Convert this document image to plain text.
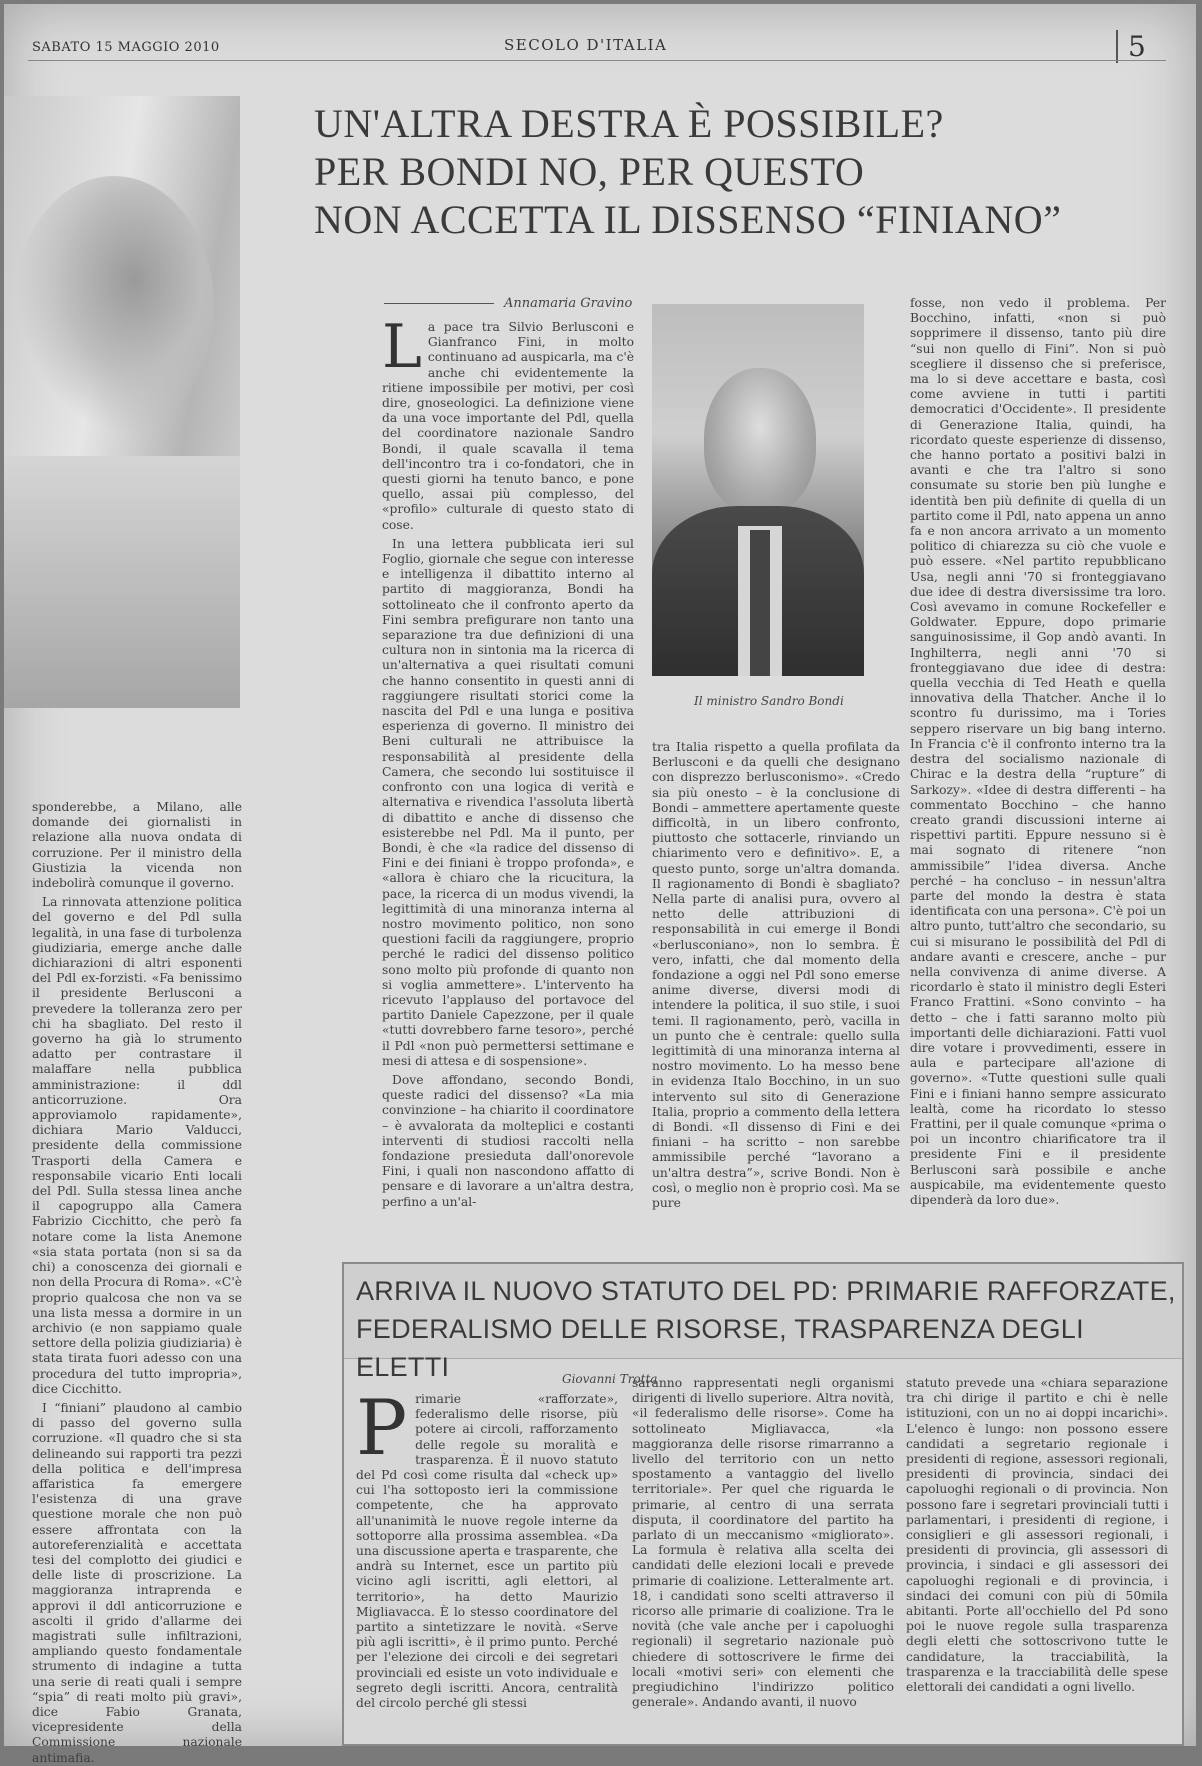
SABATO 15 MAGGIO 2010	SECOLO D'ITALIA	5
UN'ALTRA DESTRA È POSSIBILE?
PER BONDI NO, PER QUESTO
NON ACCETTA IL DISSENSO “FINIANO”
Annamaria Gravino

La pace tra Silvio Berlusconi e Gianfranco Fini, in molto continuano ad auspicarla, ma c'è anche chi evidentemente la ritiene impossibile per motivi, per così dire, gnoseologici. La definizione viene da una voce importante del Pdl, quella del coordinatore nazionale Sandro Bondi, il quale scavalla il tema dell'incontro tra i co-fondatori, che in questi giorni ha tenuto banco, e pone quello, assai più complesso, del «profilo» culturale di questo stato di cose.

In una lettera pubblicata ieri sul Foglio, giornale che segue con interesse e intelligenza il dibattito interno al partito di maggioranza, Bondi ha sottolineato che il confronto aperto da Fini sembra prefigurare non tanto una separazione tra due definizioni di una cultura non in sintonia ma la ricerca di un'alternativa a quei risultati comuni che hanno consentito in questi anni di raggiungere risultati storici come la nascita del Pdl e una lunga e positiva esperienza di governo. Il ministro dei Beni culturali ne attribuisce la responsabilità al presidente della Camera, che secondo lui sostituisce il confronto con una logica di verità e alternativa e rivendica l'assoluta libertà di dibattito e anche di dissenso che esisterebbe nel Pdl. Ma il punto, per Bondi, è che «la radice del dissenso di Fini e dei finiani è troppo profonda», e «allora è chiaro che la ricucitura, la pace, la ricerca di un modus vivendi, la legittimità di una minoranza interna al nostro movimento politico, non sono questioni facili da raggiungere, proprio perché le radici del dissenso politico sono molto più profonde di quanto non si voglia ammettere». L'intervento ha ricevuto l'applauso del portavoce del partito Daniele Capezzone, per il quale «tutti dovrebbero farne tesoro», perché il Pdl «non può permettersi settimane e mesi di attesa e di sospensione».

Dove affondano, secondo Bondi, queste radici del dissenso? «La mia convinzione – ha chiarito il coordinatore – è avvalorata da molteplici e costanti interventi di studiosi raccolti nella fondazione presieduta dall'onorevole Fini, i quali non nascondono affatto di pensare e di lavorare a un'altra destra, perfino a un'al-

Il ministro Sandro Bondi

tra Italia rispetto a quella profilata da Berlusconi e da quelli che designano con disprezzo berlusconismo». «Credo sia più onesto – è la conclusione di Bondi – ammettere apertamente queste difficoltà, in un libero confronto, piuttosto che sottacerle, rinviando un chiarimento vero e definitivo». E, a questo punto, sorge un'altra domanda. Il ragionamento di Bondi è sbagliato? Nella parte di analisi pura, ovvero al netto delle attribuzioni di responsabilità in cui emerge il Bondi «berlusconiano», non lo sembra. È vero, infatti, che dal momento della fondazione a oggi nel Pdl sono emerse anime diverse, diversi modi di intendere la politica, il suo stile, i suoi temi. Il ragionamento, però, vacilla in un punto che è centrale: quello sulla legittimità di una minoranza interna al nostro movimento. Lo ha messo bene in evidenza Italo Bocchino, in un suo intervento sul sito di Generazione Italia, proprio a commento della lettera di Bondi. «Il dissenso di Fini e dei finiani – ha scritto – non sarebbe ammissibile perché “lavorano a un'altra destra”», scrive Bondi. Non è così, o meglio non è proprio così. Ma se pure

fosse, non vedo il problema. Per Bocchino, infatti, «non si può sopprimere il dissenso, tanto più dire “sui non quello di Fini”. Non si può scegliere il dissenso che si preferisce, ma lo si deve accettare e basta, così come avviene in tutti i partiti democratici d'Occidente». Il presidente di Generazione Italia, quindi, ha ricordato queste esperienze di dissenso, che hanno portato a positivi balzi in avanti e che tra l'altro si sono consumate su storie ben più lunghe e identità ben più definite di quella di un partito come il Pdl, nato appena un anno fa e non ancora arrivato a un momento politico di chiarezza su ciò che vuole e può essere. «Nel partito repubblicano Usa, negli anni '70 si fronteggiavano due idee di destra diversissime tra loro. Così avevamo in comune Rockefeller e Goldwater. Eppure, dopo primarie sanguinosissime, il Gop andò avanti. In Inghilterra, negli anni '70 si fronteggiavano due idee di destra: quella vecchia di Ted Heath e quella innovativa della Thatcher. Anche il lo scontro fu durissimo, ma i Tories seppero riservare un big bang interno. In Francia c'è il confronto interno tra la destra del socialismo nazionale di Chirac e la destra della “rupture” di Sarkozy». «Idee di destra differenti – ha commentato Bocchino – che hanno creato grandi discussioni interne ai rispettivi partiti. Eppure nessuno si è mai sognato di ritenere “non ammissibile” l'idea diversa. Anche perché – ha concluso – in nessun'altra parte del mondo la destra è stata identificata con una persona». C'è poi un altro punto, tutt'altro che secondario, su cui si misurano le possibilità del Pdl di andare avanti e crescere, anche – pur nella convivenza di anime diverse. A ricordarlo è stato il ministro degli Esteri Franco Frattini. «Sono convinto – ha detto – che i fatti saranno molto più importanti delle dichiarazioni. Fatti vuol dire votare i provvedimenti, essere in aula e partecipare all'azione di governo». «Tutte questioni sulle quali Fini e i finiani hanno sempre assicurato lealtà, come ha ricordato lo stesso Frattini, per il quale comunque «prima o poi un incontro chiarificatore tra il presidente Fini e il presidente Berlusconi sarà possibile e anche auspicabile, ma evidentemente questo dipenderà da loro due».

sponderebbe, a Milano, alle domande dei giornalisti in relazione alla nuova ondata di corruzione. Per il ministro della Giustizia la vicenda non indebolirà comunque il governo.

La rinnovata attenzione politica del governo e del Pdl sulla legalità, in una fase di turbolenza giudiziaria, emerge anche dalle dichiarazioni di altri esponenti del Pdl ex-forzisti. «Fa benissimo il presidente Berlusconi a prevedere la tolleranza zero per chi ha sbagliato. Del resto il governo ha già lo strumento adatto per contrastare il malaffare nella pubblica amministrazione: il ddl anticorruzione. Ora approviamolo rapidamente», dichiara Mario Valducci, presidente della commissione Trasporti della Camera e responsabile vicario Enti locali del Pdl. Sulla stessa linea anche il capogruppo alla Camera Fabrizio Cicchitto, che però fa notare come la lista Anemone «sia stata portata (non si sa da chi) a conoscenza dei giornali e non della Procura di Roma». «C'è proprio qualcosa che non va se una lista messa a dormire in un archivio (e non sappiamo quale settore della polizia giudiziaria) è stata tirata fuori adesso con una procedura del tutto impropria», dice Cicchitto.

I “finiani” plaudono al cambio di passo del governo sulla corruzione. «Il quadro che si sta delineando sui rapporti tra pezzi della politica e dell'impresa affaristica fa emergere l'esistenza di una grave questione morale che non può essere affrontata con la autoreferenzialità e accettata tesi del complotto dei giudici e delle liste di proscrizione. La maggioranza intraprenda e approvi il ddl anticorruzione e ascolti il grido d'allarme dei magistrati sulle infiltrazioni, ampliando questo fondamentale strumento di indagine a tutta una serie di reati quali i sempre “spia” di reati molto più gravi», dice Fabio Granata, vicepresidente della Commissione nazionale antimafia.

ARRIVA IL NUOVO STATUTO DEL PD: PRIMARIE RAFFORZATE,
FEDERALISMO DELLE RISORSE, TRASPARENZA DEGLI ELETTI	Giovanni Trotta

Primarie «rafforzate», federalismo delle risorse, più potere ai circoli, rafforzamento delle regole su moralità e trasparenza. È il nuovo statuto del Pd così come risulta dal «check up» cui l'ha sottoposto ieri la commissione competente, che ha approvato all'unanimità le nuove regole interne da sottoporre alla prossima assemblea. «Da una discussione aperta e trasparente, che andrà su Internet, esce un partito più vicino agli iscritti, agli elettori, al territorio», ha detto Maurizio Migliavacca. È lo stesso coordinatore del partito a sintetizzare le novità. «Serve più agli iscritti», è il primo punto. Perché per l'elezione dei circoli e dei segretari provinciali ed esiste un voto individuale e segreto degli iscritti. Ancora, centralità del circolo perché gli stessi

saranno rappresentati negli organismi dirigenti di livello superiore. Altra novità, «il federalismo delle risorse». Come ha sottolineato Migliavacca, «la maggioranza delle risorse rimarranno a livello del territorio con un netto spostamento a vantaggio del livello territoriale». Per quel che riguarda le primarie, al centro di una serrata disputa, il coordinatore del partito ha parlato di un meccanismo «migliorato». La formula è relativa alla scelta dei candidati delle elezioni locali e prevede primarie di coalizione. Letteralmente art. 18, i candidati sono scelti attraverso il ricorso alle primarie di coalizione. Tra le novità (che vale anche per i capoluoghi regionali) il segretario nazionale può chiedere di sottoscrivere le firme dei locali «motivi seri» con elementi che pregiudichino l'indirizzo politico generale». Andando avanti, il nuovo

statuto prevede una «chiara separazione tra chi dirige il partito e chi è nelle istituzioni, con un no ai doppi incarichi». L'elenco è lungo: non possono essere candidati a segretario regionale i presidenti di regione, assessori regionali, presidenti di provincia, sindaci dei capoluoghi regionali o di provincia. Non possono fare i segretari provinciali tutti i parlamentari, i presidenti di regione, i consiglieri e gli assessori regionali, i presidenti di provincia, gli assessori di provincia, i sindaci e gli assessori dei capoluoghi regionali e di provincia, i sindaci dei comuni con più di 50mila abitanti. Porte all'occhiello del Pd sono poi le nuove regole sulla trasparenza degli eletti che sottoscrivono tutte le candidature, la tracciabilità, la trasparenza e la tracciabilità delle spese elettorali dei candidati a ogni livello.
